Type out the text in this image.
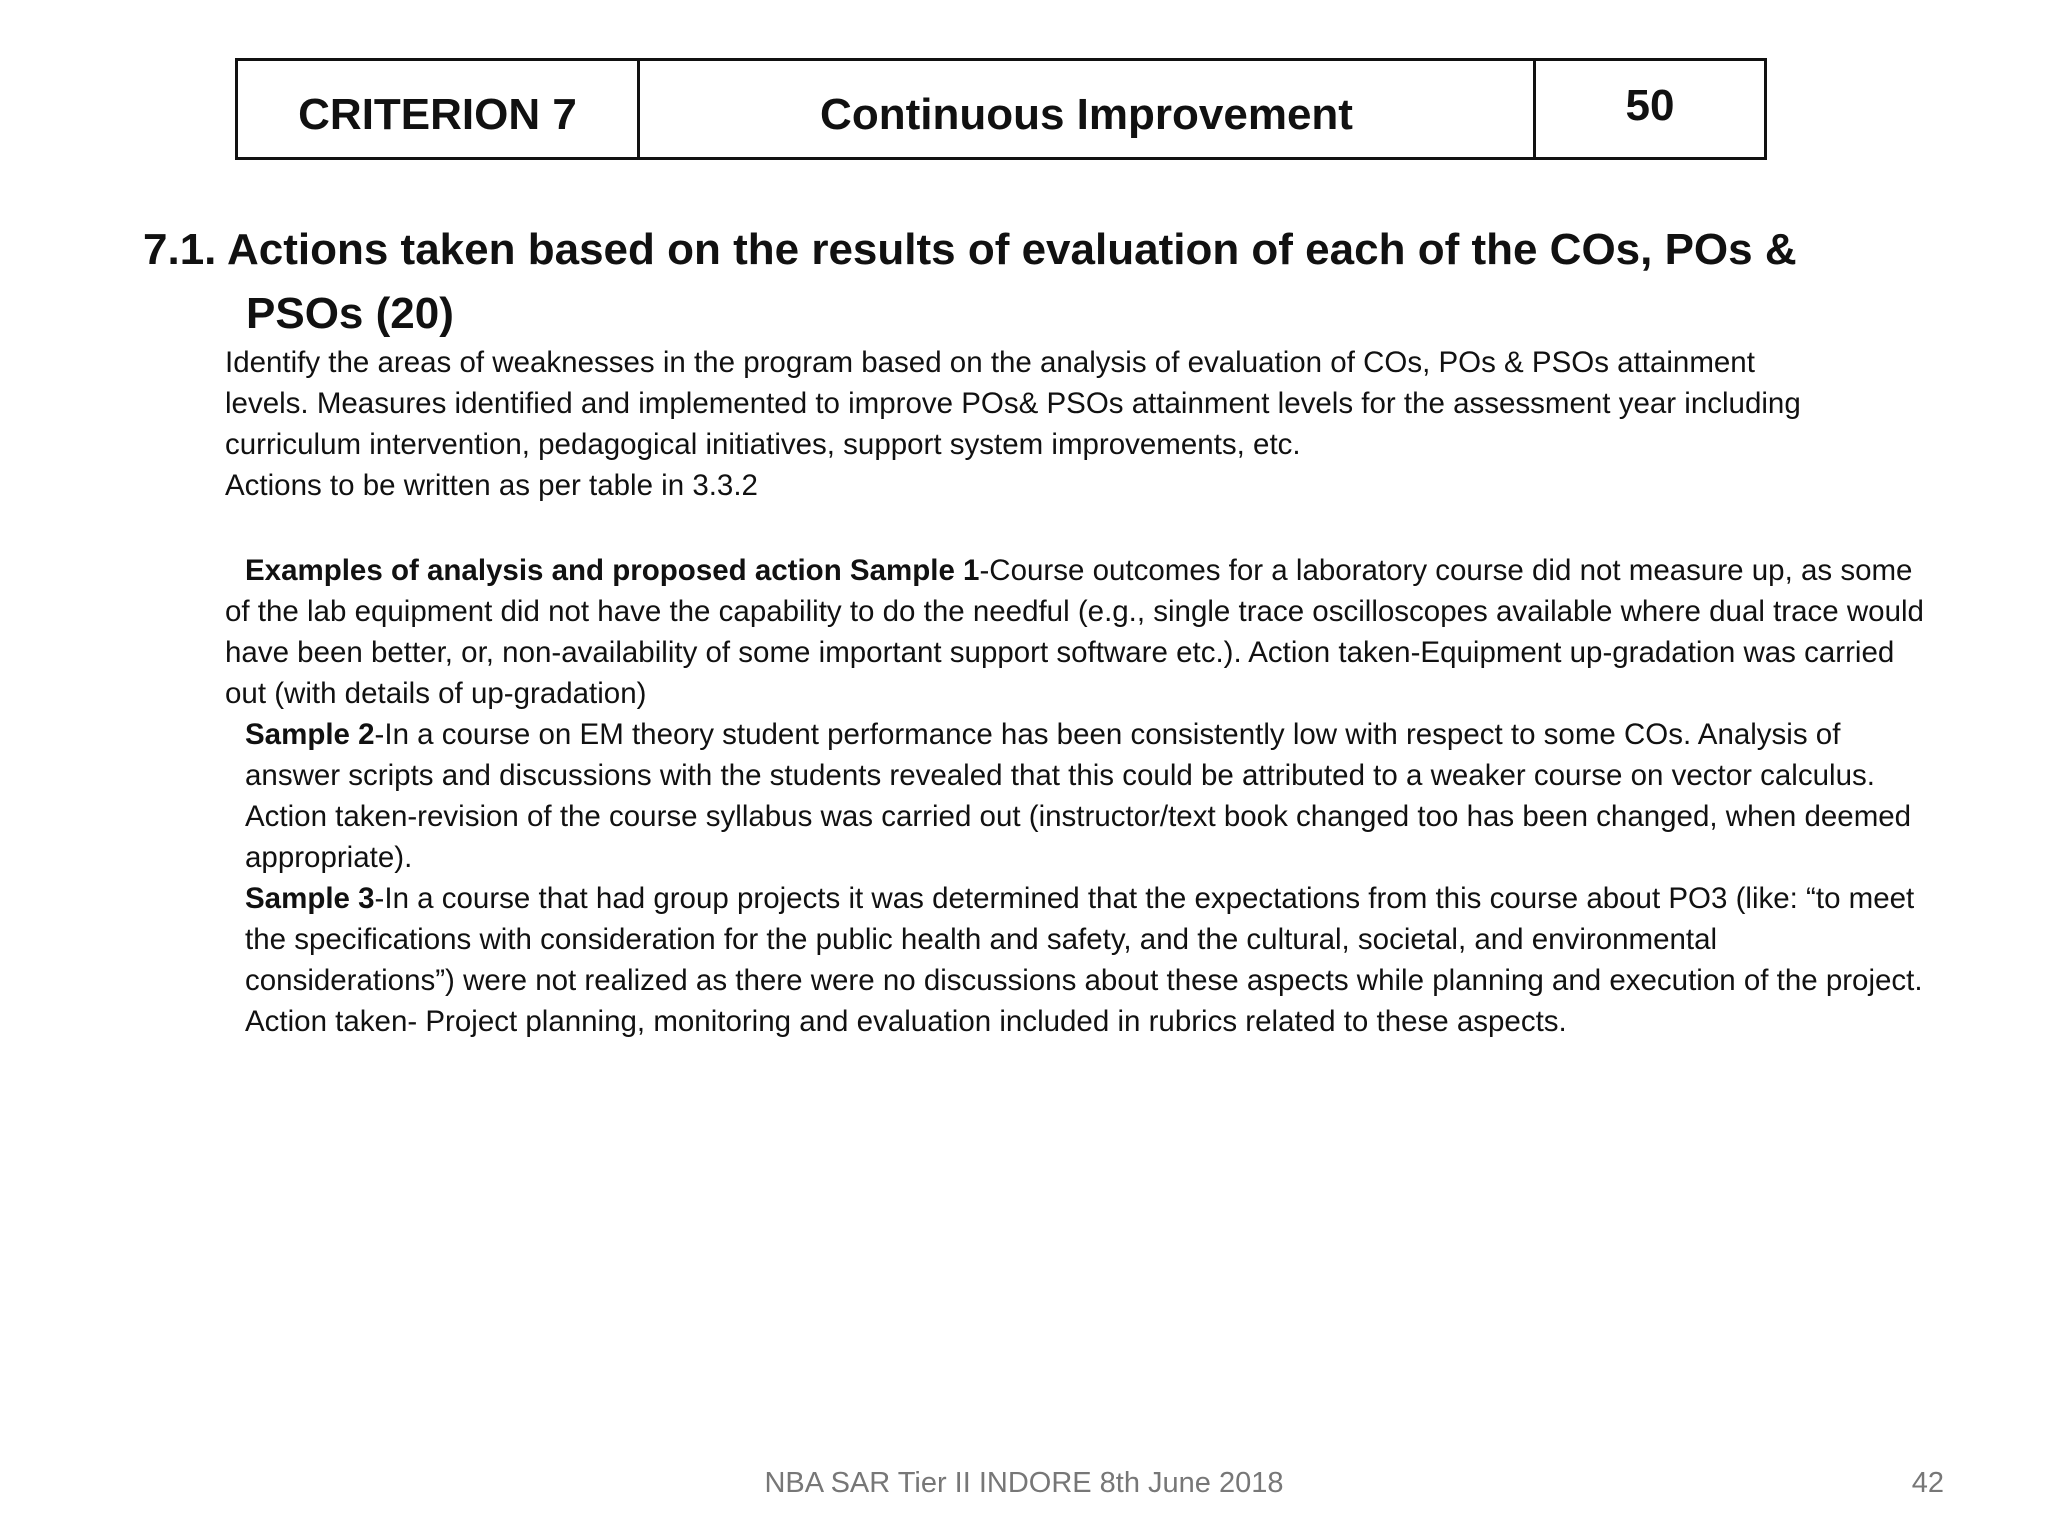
CRITERION 7	Continuous Improvement	50
7.1. Actions taken based on the results of evaluation of each of the COs, POs &
PSOs (20)
Identify the areas of weaknesses in the program based on the analysis of evaluation of COs, POs & PSOs attainment
levels. Measures identified and implemented to improve POs& PSOs attainment levels for the assessment year including
curriculum intervention, pedagogical initiatives, support system improvements, etc.
Actions to be written as per table in 3.3.2

Examples of analysis and proposed action Sample 1-Course outcomes for a laboratory course did not measure up, as some of the lab equipment did not have the capability to do the needful (e.g., single trace oscilloscopes available where dual trace would have been better, or, non-availability of some important support software etc.). Action taken-Equipment up-gradation was carried out (with details of up-gradation)

Sample 2-In a course on EM theory student performance has been consistently low with respect to some COs. Analysis of answer scripts and discussions with the students revealed that this could be attributed to a weaker course on vector calculus.

Action taken-revision of the course syllabus was carried out (instructor/text book changed too has been changed, when deemed appropriate).

Sample 3-In a course that had group projects it was determined that the expectations from this course about PO3 (like: “to meet the specifications with consideration for the public health and safety, and the cultural, societal, and environmental considerations”) were not realized as there were no discussions about these aspects while planning and execution of the project. Action taken- Project planning, monitoring and evaluation included in rubrics related to these aspects.

NBA SAR Tier II INDORE 8th June 2018	42
